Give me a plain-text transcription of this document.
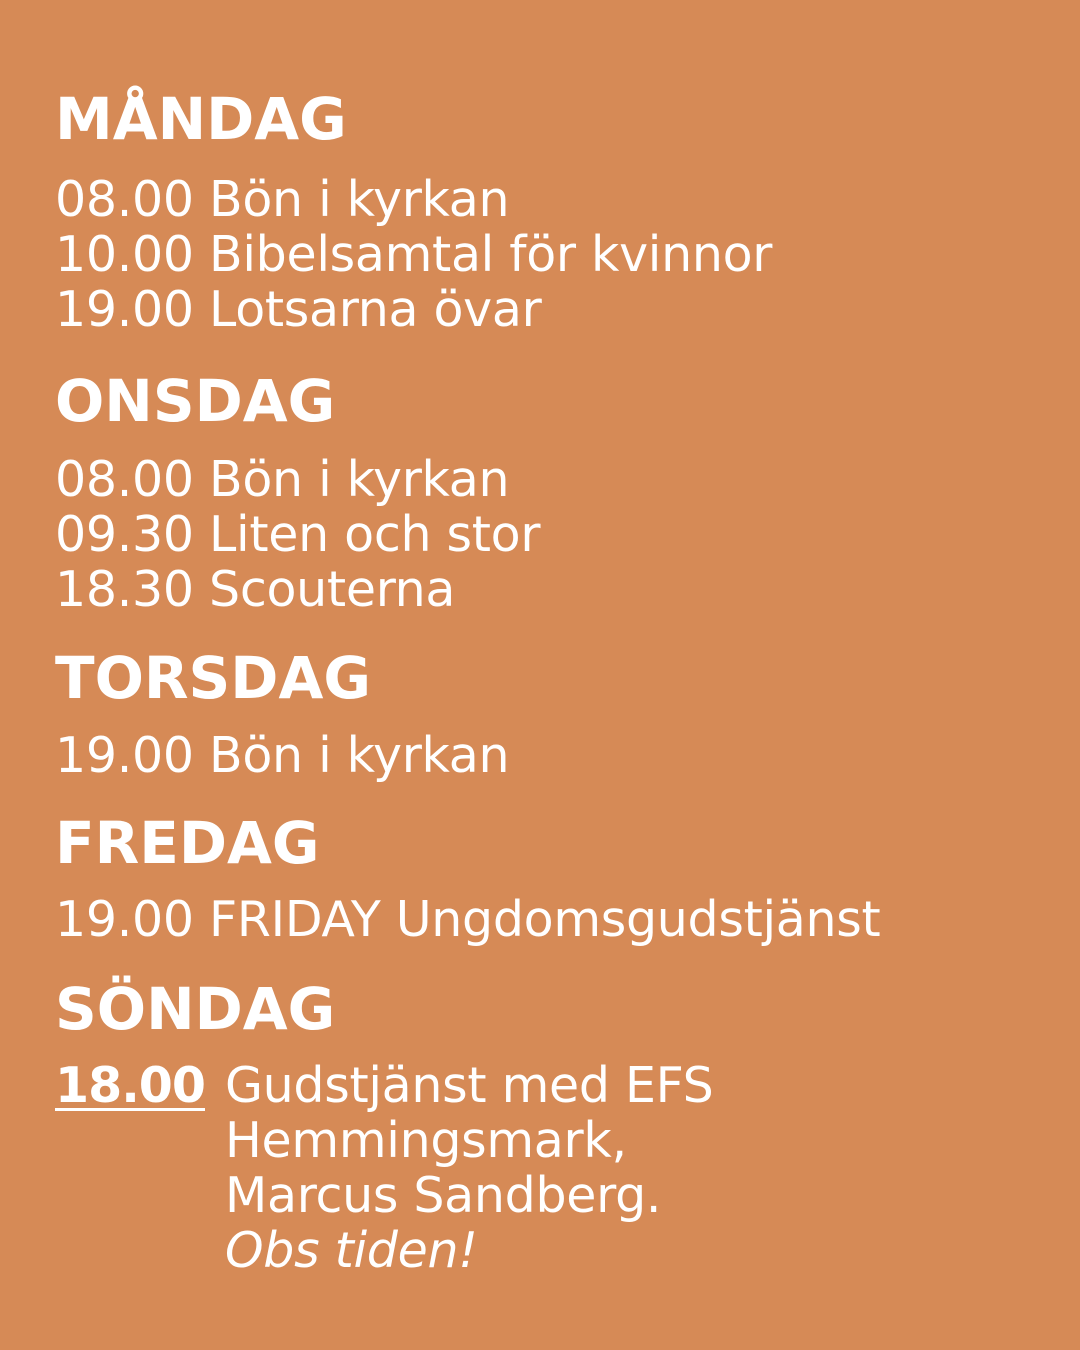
MÅNDAG
08.00 Bön i kyrkan
10.00 Bibelsamtal för kvinnor
19.00 Lotsarna övar
ONSDAG
08.00 Bön i kyrkan
09.30 Liten och stor
18.30 Scouterna
TORSDAG
19.00 Bön i kyrkan
FREDAG
19.00 FRIDAY Ungdomsgudstjänst
SÖNDAG
18.00 Gudstjänst med EFS
Hemmingsmark,
Marcus Sandberg.
Obs tiden!
